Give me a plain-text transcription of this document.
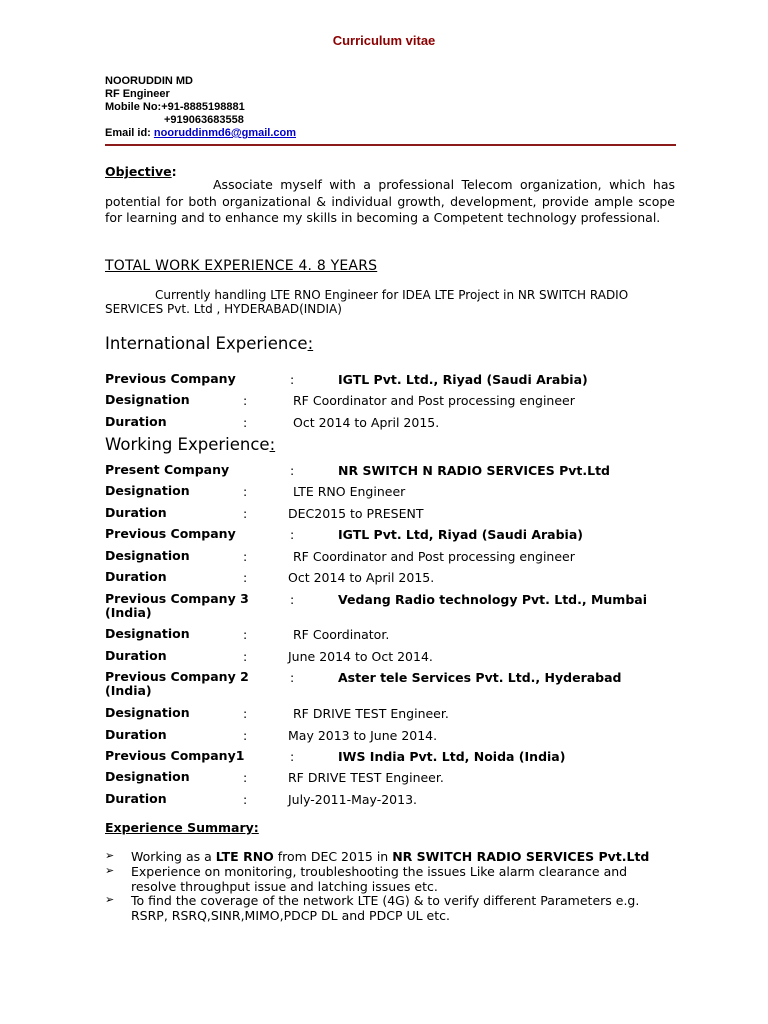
Curriculum vitae
NOORUDDIN MD
RF Engineer
Mobile No:+91-8885198881
+919063683558
Email id: nooruddinmd6@gmail.com
Objective:
Associate myself with a professional Telecom organization, which has potential for both organizational & individual growth, development, provide ample scope for learning and to enhance my skills in becoming a Competent technology professional.
TOTAL WORK EXPERIENCE 4. 8 YEARS
Currently handling LTE RNO Engineer for IDEA LTE Project in NR SWITCH RADIO SERVICES Pvt. Ltd , HYDERABAD(INDIA)
International Experience:
Previous Company	:	IGTL Pvt. Ltd., Riyad (Saudi Arabia)
Designation	:	RF Coordinator and Post processing engineer
Duration	:	Oct 2014 to April 2015.
Working Experience:
Present Company	:	NR SWITCH N RADIO SERVICES Pvt.Ltd
Designation	:	LTE RNO Engineer
Duration	:	DEC2015 to PRESENT
Previous Company	:	IGTL Pvt. Ltd, Riyad (Saudi Arabia)
Designation	:	RF Coordinator and Post processing engineer
Duration	:	Oct 2014 to April 2015.
Previous Company 3 (India)
:	Vedang Radio technology Pvt. Ltd., Mumbai
Designation	:	RF Coordinator.
Duration	:	June 2014 to Oct 2014.
Previous Company 2 (India)
:	Aster tele Services Pvt. Ltd., Hyderabad
Designation	:	RF DRIVE TEST Engineer.
Duration	:	May 2013 to June 2014.
Previous Company1	:	IWS India Pvt. Ltd, Noida (India)
Designation	:	RF DRIVE TEST Engineer.
Duration	:	July-2011-May-2013.
Experience Summary:
➢ Working as a LTE RNO from DEC 2015 in NR SWITCH RADIO SERVICES Pvt.Ltd
➢ Experience on monitoring, troubleshooting the issues Like alarm clearance and resolve throughput issue and latching issues etc.
➢ To find the coverage of the network LTE (4G) & to verify different Parameters e.g. RSRP, RSRQ,SINR,MIMO,PDCP DL and PDCP UL etc.
